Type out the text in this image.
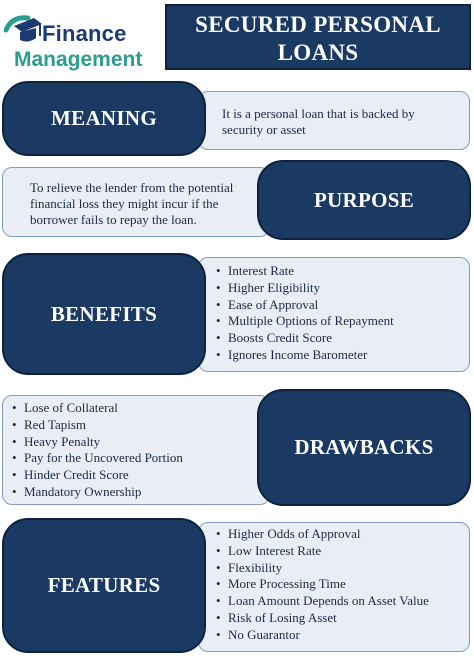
Finance
Management
SECURED PERSONAL
LOANS
MEANING	It is a personal loan that is backed by
security or asset
PURPOSE
To relieve the lender from the potential
financial loss they might incur if the
borrower fails to repay the loan.
BENEFITS
• Interest Rate
• Higher Eligibility
• Ease of Approval
• Multiple Options of Repayment
• Boosts Credit Score
• Ignores Income Barometer
DRAWBACKS
• Lose of Collateral
• Red Tapism
• Heavy Penalty
• Pay for the Uncovered Portion
• Hinder Credit Score
• Mandatory Ownership
FEATURES
• Higher Odds of Approval
• Low Interest Rate
• Flexibility
• More Processing Time
• Loan Amount Depends on Asset Value
• Risk of Losing Asset
• No Guarantor
